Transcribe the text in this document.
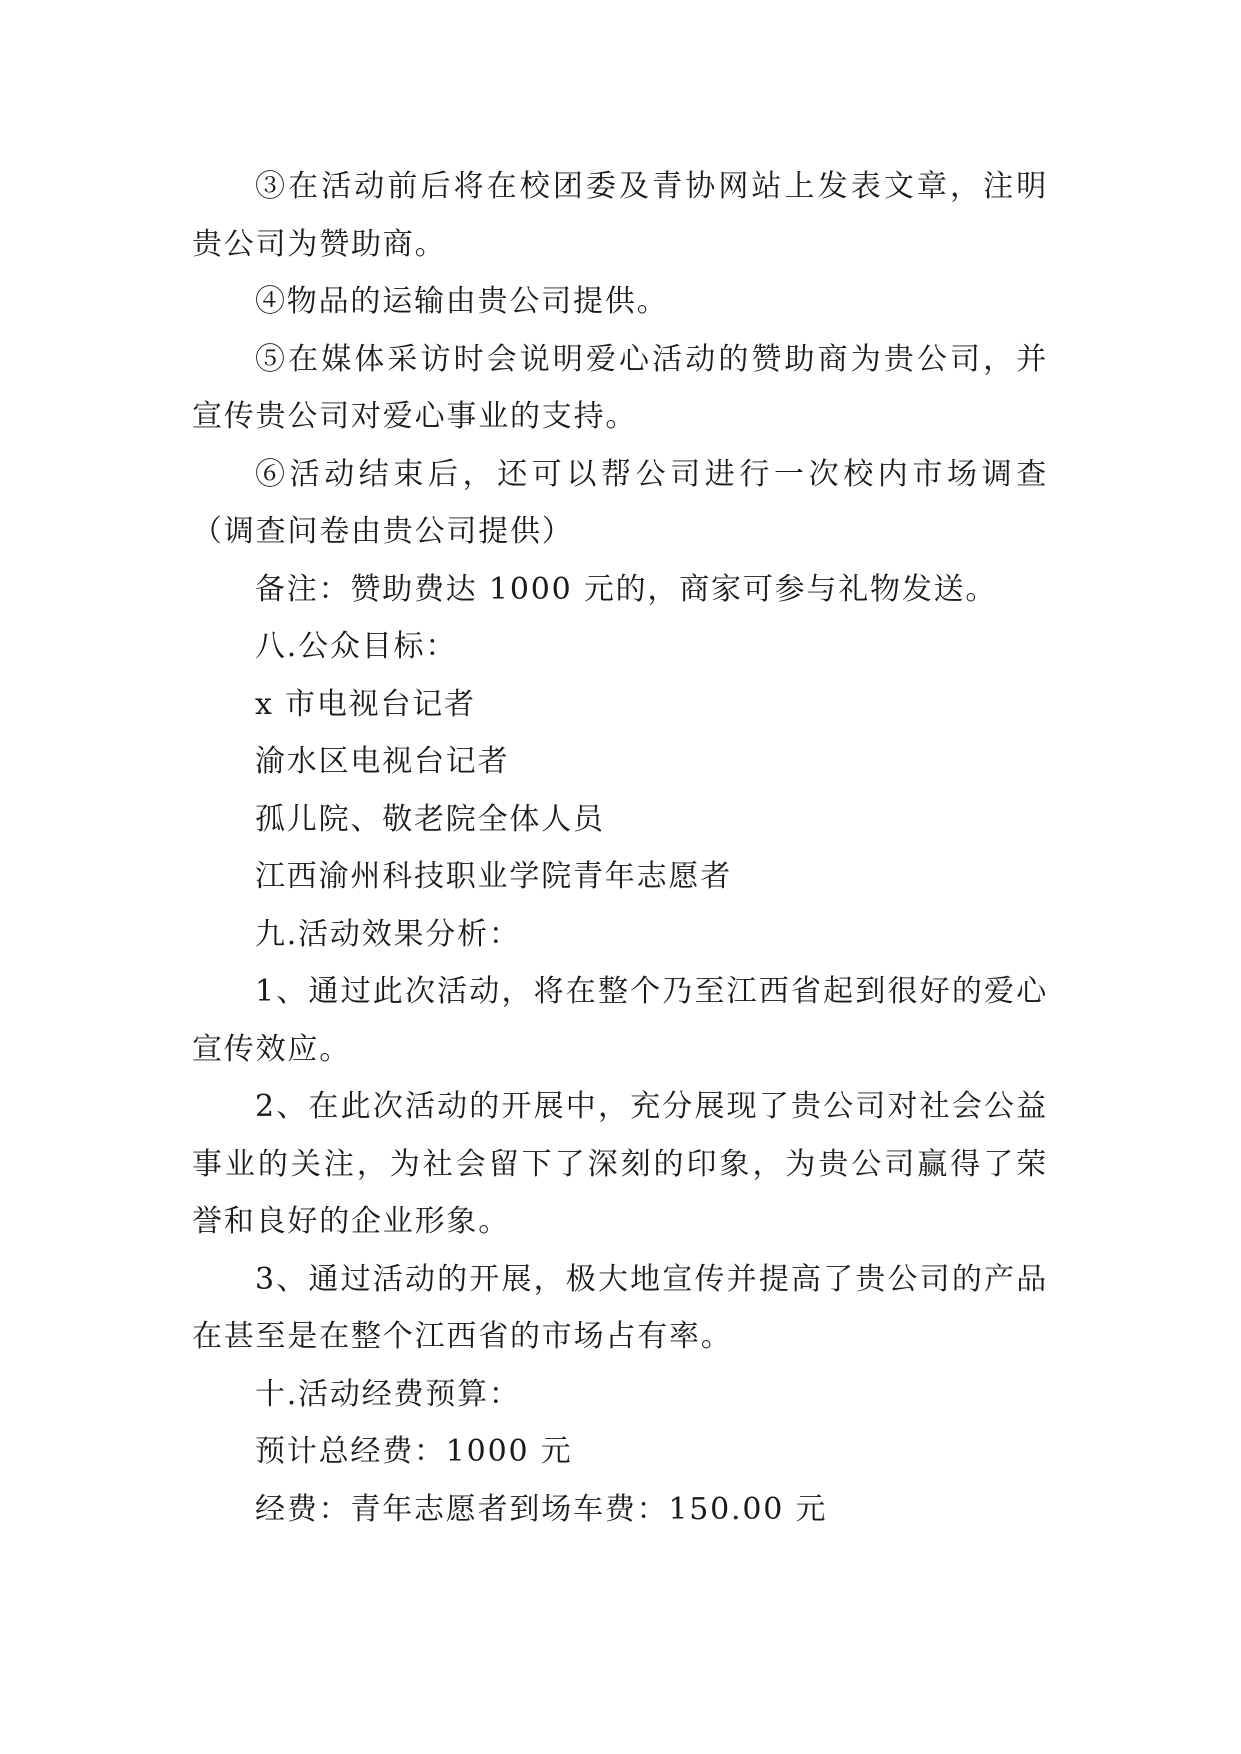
③在活动前后将在校团委及青协网站上发表文章，注明贵公司为赞助商。

④物品的运输由贵公司提供。

⑤在媒体采访时会说明爱心活动的赞助商为贵公司，并宣传贵公司对爱心事业的支持。

⑥活动结束后，还可以帮公司进行一次校内市场调查（调查问卷由贵公司提供）

备注：赞助费达 1000 元的，商家可参与礼物发送。

八.公众目标：

x 市电视台记者

渝水区电视台记者

孤儿院、敬老院全体人员

江西渝州科技职业学院青年志愿者

九.活动效果分析：

1、通过此次活动，将在整个乃至江西省起到很好的爱心宣传效应。

2、在此次活动的开展中，充分展现了贵公司对社会公益事业的关注，为社会留下了深刻的印象，为贵公司赢得了荣誉和良好的企业形象。

3、通过活动的开展，极大地宣传并提高了贵公司的产品在甚至是在整个江西省的市场占有率。

十.活动经费预算：

预计总经费：1000 元

经费：青年志愿者到场车费：150.00 元
